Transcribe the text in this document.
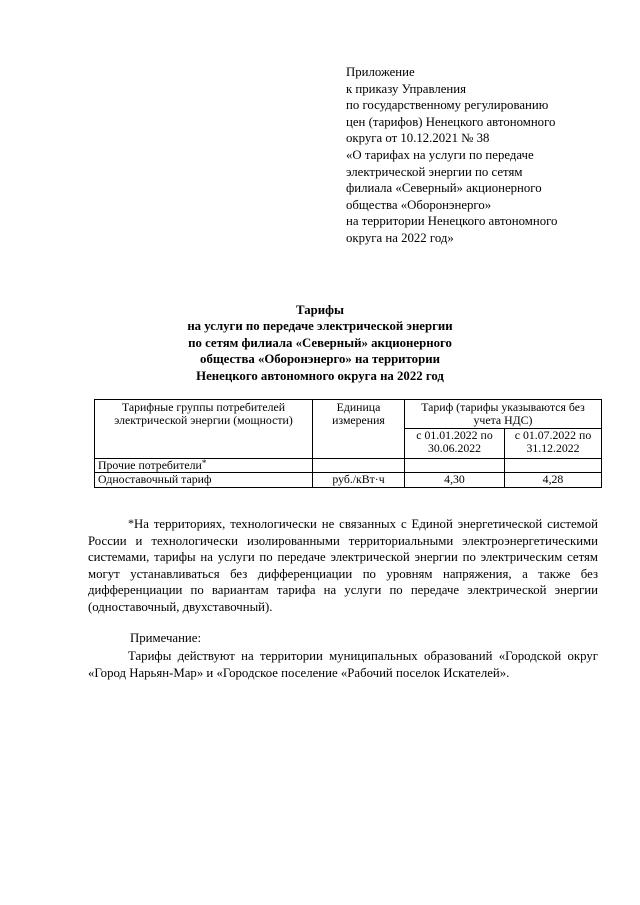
Приложение
к приказу Управления
по государственному регулированию
цен (тарифов) Ненецкого автономного
округа от 10.12.2021 № 38
«О тарифах на услуги по передаче
электрической энергии по сетям
филиала «Северный» акционерного
общества «Оборонэнерго»
на территории Ненецкого автономного
округа на 2022 год»
Тарифы
на услуги по передаче электрической энергии
по сетям филиала «Северный» акционерного
общества «Оборонэнерго» на территории
Ненецкого автономного округа на 2022 год
Тарифные группы потребителей электрической энергии (мощности)	Единица измерения	Тариф (тарифы указываются без учета НДС)	
		с 01.01.2022 по 30.06.2022	с 01.07.2022 по 31.12.2022
Прочие потребители*			
Одноставочный тариф	руб./кВт·ч	4,30	4,28
*На территориях, технологически не связанных с Единой энергетической системой России и технологически изолированными территориальными электроэнергетическими системами, тарифы на услуги по передаче электрической энергии по электрическим сетям могут устанавливаться без дифференциации по уровням напряжения, а также без дифференциации по вариантам тарифа на услуги по передаче электрической энергии (одноставочный, двухставочный).
Примечание:
Тарифы действуют на территории муниципальных образований «Городской округ «Город Нарьян-Мар» и «Городское поселение «Рабочий поселок Искателей».
